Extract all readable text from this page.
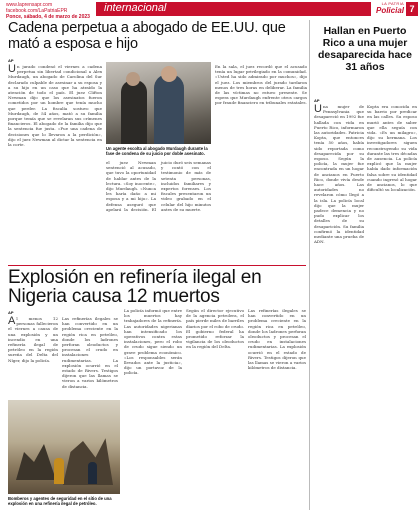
www.laprensapr.com
facebook.com/LaPatriaEPR
Ponce, sábado, 4 de marzo de 2023
internacional	LA PATRIA
Policial 7
Cadena perpetua a abogado de EE.UU. que mató a esposa e hijo
AP
Un jurado condenó el viernes a cadena perpetua sin libertad condicional a Alex Murdaugh, un abogado de Carolina del Sur declarado culpable de asesinar a su esposa y a su hijo en un caso que ha atraído la atención de todo el país. El juez Clifton Newman dijo que los asesinatos fueron cometidos por un hombre que tenía mucho que perder. La fiscalía sostuvo que Murdaugh, de 54 años, mató a su familia porque temía que se revelaran sus crímenes financieros. El abogado de la familia dijo que la sentencia fue justa. «Fue una cadena de decisiones que lo llevaron a la perdición», dijo el juez Newman al dictar la sentencia en la corte.
Un agente escolta al abogado Murdaugh durante la fase de condena de su juicio por doble asesinato.
el juez Newman sentenció al acusado, que tuvo la oportunidad de hablar antes de la lectura. «Soy inocente», dijo Murdaugh. «Nunca les haría daño a mi esposa y a mi hijo». La defensa aseguró que apelará la decisión. El juicio duró seis semanas y contó con el testimonio de más de setenta personas, incluidos familiares y expertos forenses. Los fiscales presentaron un video grabado en el celular del hijo minutos antes de su muerte.
En la sala, el juez recordó que el acusado tenía un lugar privilegiado en la comunidad. «Usted ha sido admirado por muchos», dijo el juez. Los miembros del jurado tardaron menos de tres horas en deliberar. La familia de las víctimas no estuvo presente. Se espera que Murdaugh enfrente otros cargos por fraude financiero en tribunales estatales.
Hallan en Puerto Rico a una mujer desaparecida hace 31 años
AP
Una mujer de Pennsylvania que desapareció en 1992 fue hallada con vida en Puerto Rico, informaron las autoridades. Patricia Kopta, que entonces tenía 50 años, había sido reportada como desaparecida por su esposo. Según la policía, la mujer fue encontrada en un hogar de ancianos en Puerto Rico, donde vivía desde hace años. Las autoridades no revelaron cómo llegó a la isla. La policía local dijo que la mujer padece demencia y no pudo explicar los detalles de su desaparición. Su familia confirmó la identidad mediante una prueba de ADN.
Kopta era conocida en su barrio por predicar en las calles. Su esposo murió antes de saber que ella seguía con vida. «Es un milagro», dijo su hermana. Los investigadores siguen reconstruyendo su vida durante las tres décadas de ausencia. La policía explicó que la mujer había dado información falsa sobre su identidad cuando ingresó al hogar de ancianos, lo que dificultó su localización.
Explosión en refinería ilegal en Nigeria causa 12 muertos
AP
Al menos 12 personas fallecieron el viernes a causa de una explosión y un incendio en una refinería ilegal de petróleo en la región sureña del Delta del Níger, dijo la policía.
Las refinerías ilegales se han convertido en un problema creciente en la región rica en petróleo, donde los ladrones perforan oleoductos y procesan el crudo en instalaciones rudimentarias. La explosión ocurrió en el estado de Rivers. Testigos dijeron que las llamas se vieron a varios kilómetros de distancia.
Bomberos y agentes de seguridad en el sitio de una explosión en una refinería ilegal de petróleo.
La policía informó que entre los muertos hay trabajadores de la refinería. Las autoridades nigerianas han intensificado los operativos contra estas instalaciones, pero el robo de crudo sigue siendo un grave problema económico. «Los responsables serán llevados ante la justicia», dijo un portavoz de la policía.
Según el director ejecutivo de la agencia petrolera, el país pierde miles de barriles diarios por el robo de crudo. El gobierno federal ha prometido reforzar la vigilancia de los oleoductos en la región del Delta.
Las refinerías ilegales se han convertido en un problema creciente en la región rica en petróleo, donde los ladrones perforan oleoductos y procesan el crudo en instalaciones rudimentarias. La explosión ocurrió en el estado de Rivers. Testigos dijeron que las llamas se vieron a varios kilómetros de distancia.
